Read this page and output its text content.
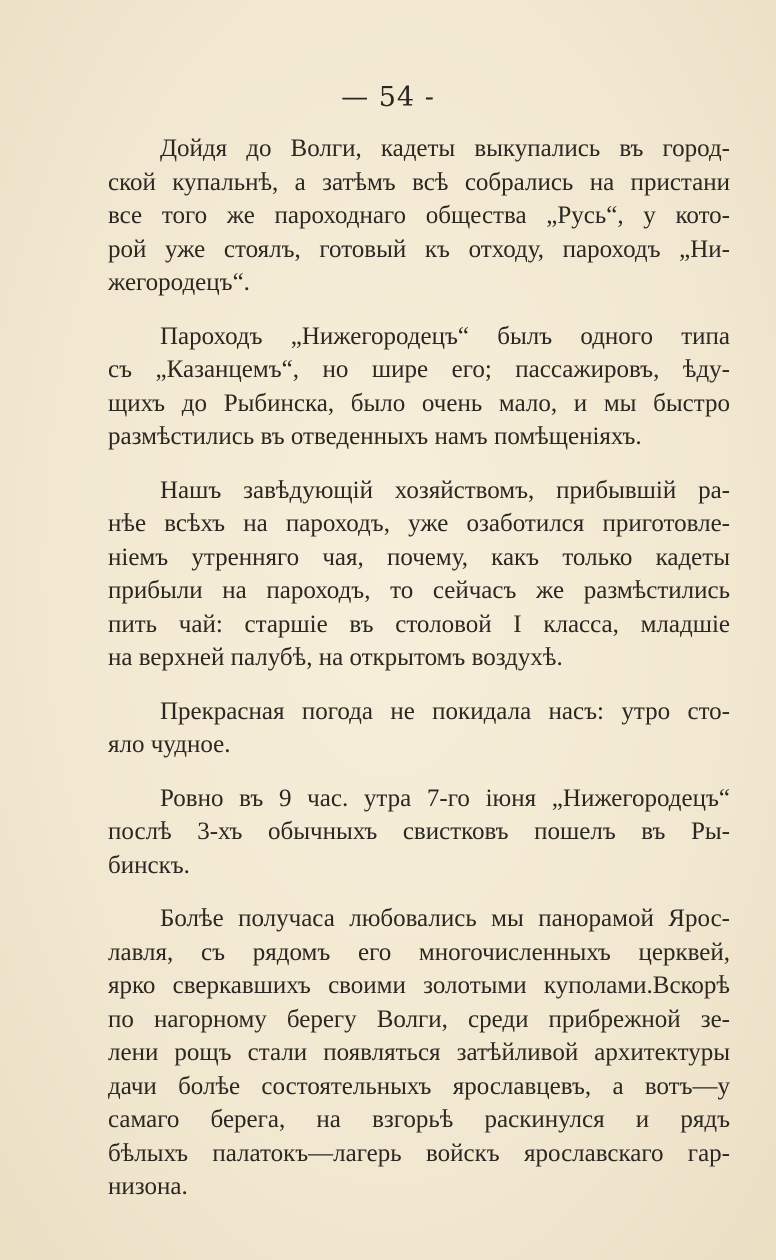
— 54 -

Дойдя до Волги, кадеты выкупались въ город-
ской купальнѣ, а затѣмъ всѣ собрались на пристани
все того же пароходнаго общества „Русь“, у кото-
рой уже стоялъ, готовый къ отходу, пароходъ „Ни-
жегородецъ“.

Пароходъ „Нижегородецъ“ былъ одного типа
съ „Казанцемъ“, но шире его; пассажировъ, ѣду-
щихъ до Рыбинска, было очень мало, и мы быстро
размѣстились въ отведенныхъ намъ помѣщеніяхъ.

Нашъ завѣдующій хозяйствомъ, прибывшій ра-
нѣе всѣхъ на пароходъ, уже озаботился приготовле-
ніемъ утренняго чая, почему, какъ только кадеты
прибыли на пароходъ, то сейчасъ же размѣстились
пить чай: старшіе въ столовой I класса, младшіе
на верхней палубѣ, на открытомъ воздухѣ.

Прекрасная погода не покидала насъ: утро сто-
яло чудное.

Ровно въ 9 час. утра 7-го іюня „Нижегородецъ“
послѣ 3-хъ обычныхъ свистковъ пошелъ въ Ры-
бинскъ.

Болѣе получаса любовались мы панорамой Ярос-
лавля, съ рядомъ его многочисленныхъ церквей,
ярко сверкавшихъ своими золотыми куполами.Вскорѣ
по нагорному берегу Волги, среди прибрежной зе-
лени рощъ стали появляться затѣйливой архитектуры
дачи болѣе состоятельныхъ ярославцевъ, а вотъ—у
самаго берега, на взгорьѣ раскинулся и рядъ
бѣлыхъ палатокъ—лагерь войскъ ярославскаго гар-
низона.
